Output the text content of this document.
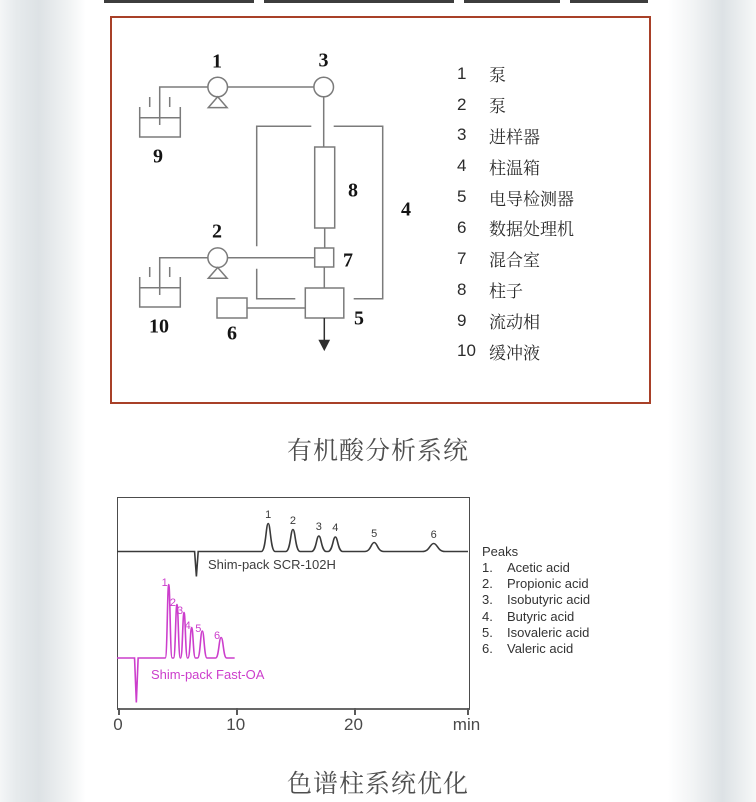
1
2
3
4
5
6
7
8
9
10
1	泵
2	泵
3	进样器
4	柱温箱
5	电导检测器
6	数据处理机
7	混合室
8	柱子
9	流动相
10 缓冲液
有机酸分析系统
Shim-pack SCR-102H
Shim-pack Fast-OA
1	2
3 4	5	6
1
2
3
4 5
6
0	10	20	min
Peaks
1. Acetic acid
2. Propionic acid
3. Isobutyric acid
4. Butyric acid
5. Isovaleric acid
6. Valeric acid
色谱柱系统优化
